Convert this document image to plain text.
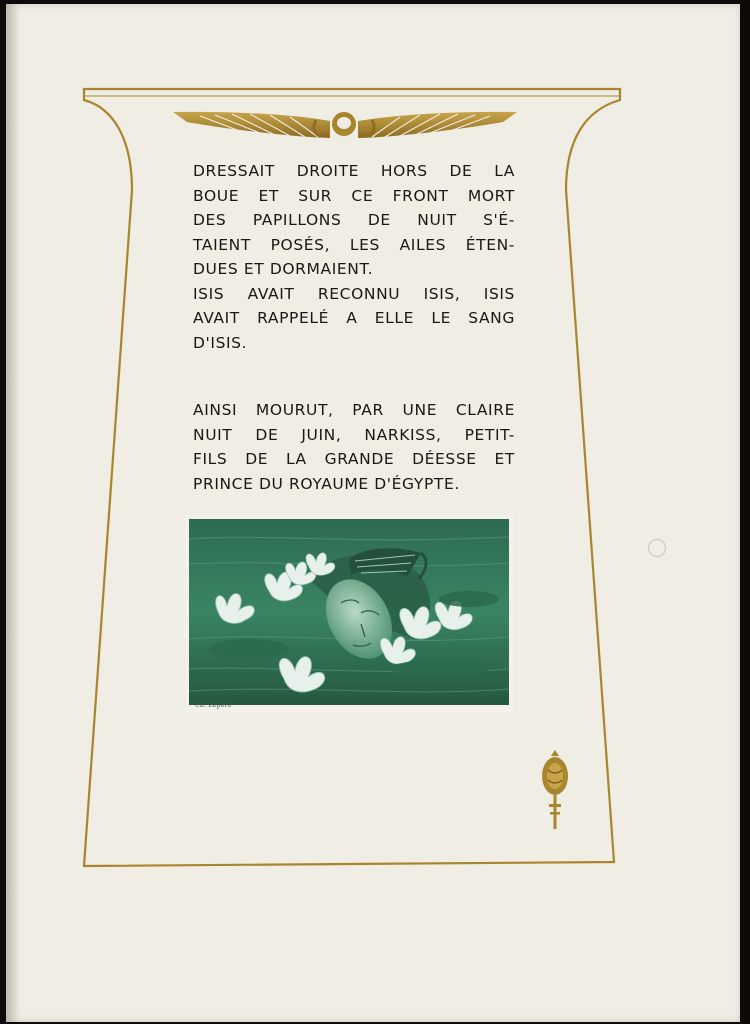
DRESSAIT DROITE HORS DE LA
BOUE ET SUR CE FRONT MORT
DES PAPILLONS DE NUIT S'É-
TAIENT POSÉS, LES AILES ÉTEN-
DUES ET DORMAIENT.
ISIS AVAIT RECONNU ISIS, ISIS
AVAIT RAPPELÉ A ELLE LE SANG
D'ISIS.
AINSI MOURUT, PAR UNE CLAIRE
NUIT DE JUIN, NARKISS, PETIT-
FILS DE LA GRANDE DÉESSE ET
PRINCE DU ROYAUME D'ÉGYPTE.
Ch. Lepère
